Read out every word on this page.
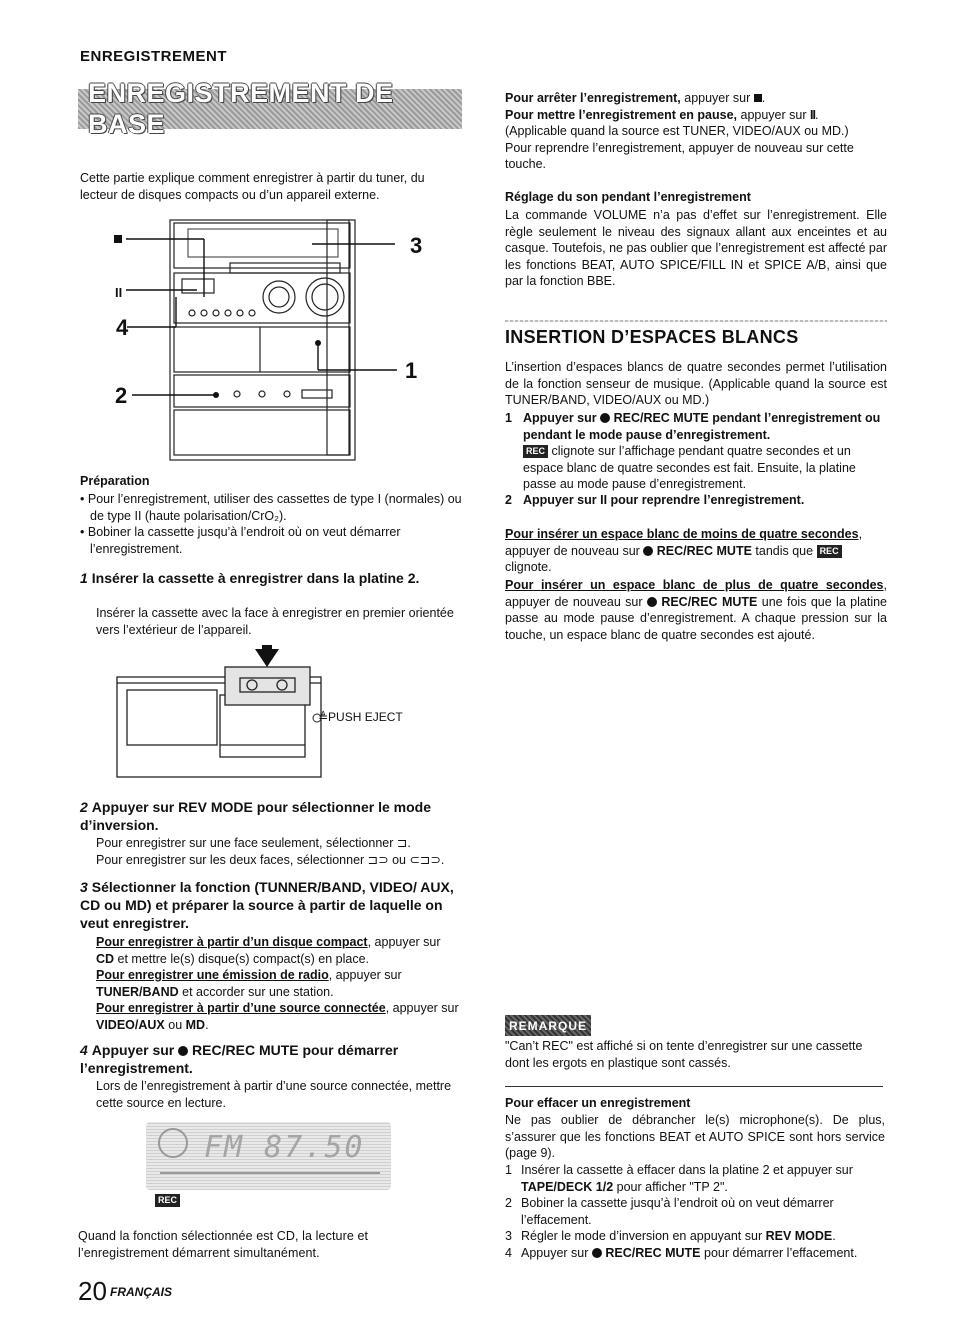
ENREGISTREMENT
ENREGISTREMENT DE BASE
Cette partie explique comment enregistrer à partir du tuner, du lecteur de disques compacts ou d’un appareil externe.
II
3
4
1
2
Préparation
• Pour l’enregistrement, utiliser des cassettes de type I (normales) ou de type II (haute polarisation/CrO₂).
• Bobiner la cassette jusqu’à l’endroit où on veut démarrer l’enregistrement.
1 Insérer la cassette à enregistrer dans la platine 2.
Insérer la cassette avec la face à enregistrer en premier orientée vers l’extérieur de l’appareil.
≜PUSH EJECT
2 Appuyer sur REV MODE pour sélectionner le mode d’inversion.
Pour enregistrer sur une face seulement, sélectionner ⊐.
Pour enregistrer sur les deux faces, sélectionner ⊐⊃ ou ⊂⊐⊃.
3 Sélectionner la fonction (TUNNER/BAND, VIDEO/ AUX, CD ou MD) et préparer la source à partir de laquelle on veut enregistrer.
Pour enregistrer à partir d’un disque compact, appuyer sur CD et mettre le(s) disque(s) compact(s) en place.
Pour enregistrer une émission de radio, appuyer sur TUNER/BAND et accorder sur une station.
Pour enregistrer à partir d’une source connectée, appuyer sur VIDEO/AUX ou MD.
4 Appuyer sur  REC/REC MUTE pour démarrer l’enregistrement.
Lors de l’enregistrement à partir d’une source connectée, mettre cette source en lecture.
FM 87.50
REC
Quand la fonction sélectionnée est CD, la lecture et l’enregistrement démarrent simultanément.
20 FRANÇAIS
Pour arrêter l’enregistrement, appuyer sur .
Pour mettre l’enregistrement en pause, appuyer sur II.
(Applicable quand la source est TUNER, VIDEO/AUX ou MD.)
Pour reprendre l’enregistrement, appuyer de nouveau sur cette touche.
Réglage du son pendant l’enregistrement
La commande VOLUME n’a pas d’effet sur l’enregistrement. Elle règle seulement le niveau des signaux allant aux enceintes et au casque. Toutefois, ne pas oublier que l’enregistrement est affecté par les fonctions BEAT, AUTO SPICE/FILL IN et SPICE A/B, ainsi que par la fonction BBE.
INSERTION D’ESPACES BLANCS
L’insertion d’espaces blancs de quatre secondes permet l’utilisation de la fonction senseur de musique. (Applicable quand la source est TUNER/BAND, VIDEO/AUX ou MD.)
1 Appuyer sur  REC/REC MUTE pendant l’enregistrement ou pendant le mode pause d’enregistrement.
REC clignote sur l’affichage pendant quatre secondes et un espace blanc de quatre secondes est fait. Ensuite, la platine passe au mode pause d’enregistrement.
2 Appuyer sur II pour reprendre l’enregistrement.
Pour insérer un espace blanc de moins de quatre secondes, appuyer de nouveau sur  REC/REC MUTE tandis que REC
clignote.
Pour insérer un espace blanc de plus de quatre secondes, appuyer de nouveau sur  REC/REC MUTE une fois que la platine passe au mode pause d’enregistrement. A chaque pression sur la touche, un espace blanc de quatre secondes est ajouté.
REMARQUE
"Can’t REC" est affiché si on tente d’enregistrer sur une cassette dont les ergots en plastique sont cassés.
Pour effacer un enregistrement
Ne pas oublier de débrancher le(s) microphone(s). De plus, s’assurer que les fonctions BEAT et AUTO SPICE sont hors service (page 9).
1 Insérer la cassette à effacer dans la platine 2 et appuyer sur TAPE/DECK 1/2 pour afficher "TP 2".
2 Bobiner la cassette jusqu’à l’endroit où on veut démarrer l’effacement.
3 Régler le mode d’inversion en appuyant sur REV MODE.
4 Appuyer sur  REC/REC MUTE pour démarrer l’effacement.
